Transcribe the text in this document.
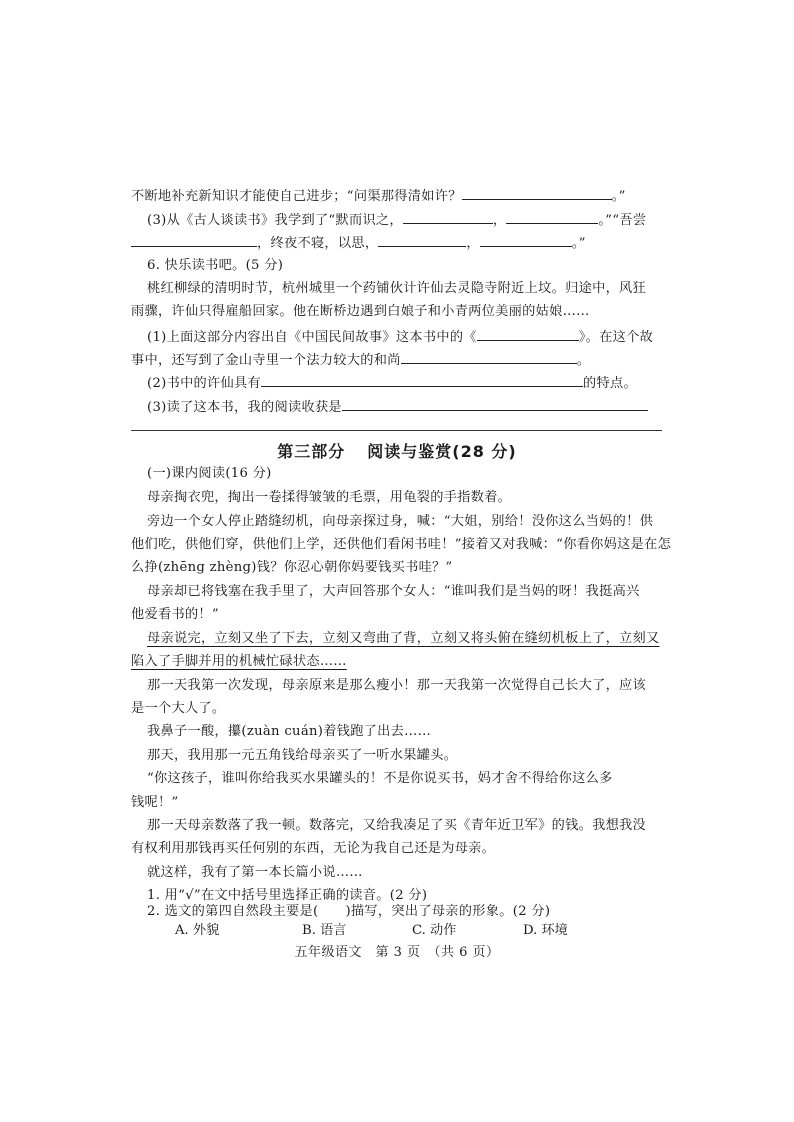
不断地补充新知识才能使自己进步；“问渠那得清如许？	。”
(3)从《古人谈读书》我学到了“默而识之，	，	。”“吾尝
，终夜不寝，以思，	，	。”
6. 快乐读书吧。(5 分)
桃红柳绿的清明时节，杭州城里一个药铺伙计许仙去灵隐寺附近上坟。归途中，风狂
雨骤，许仙只得雇船回家。他在断桥边遇到白娘子和小青两位美丽的姑娘……
(1)上面这部分内容出自《中国民间故事》这本书中的《	》。在这个故
事中，还写到了金山寺里一个法力较大的和尚	。
(2)书中的许仙具有	的特点。
(3)读了这本书，我的阅读收获是
第三部分 阅读与鉴赏(28 分)
(一)课内阅读(16 分)
母亲掏衣兜，掏出一卷揉得皱皱的毛票，用龟裂的手指数着。
旁边一个女人停止踏缝纫机，向母亲探过身，喊：“大姐，别给！没你这么当妈的！供
他们吃，供他们穿，供他们上学，还供他们看闲书哇！”接着又对我喊：“你看你妈这是在怎
么挣(zhēng zhèng)钱？你忍心朝你妈要钱买书哇？”
母亲却已将钱塞在我手里了，大声回答那个女人：“谁叫我们是当妈的呀！我挺高兴
他爱看书的！”
母亲说完，立刻又坐了下去，立刻又弯曲了背，立刻又将头俯在缝纫机板上了，立刻又
陷入了手脚并用的机械忙碌状态……
那一天我第一次发现，母亲原来是那么瘦小！那一天我第一次觉得自己长大了，应该
是一个大人了。
我鼻子一酸，攥(zuàn cuán)着钱跑了出去……
那天，我用那一元五角钱给母亲买了一听水果罐头。
“你这孩子，谁叫你给我买水果罐头的！不是你说买书，妈才舍不得给你这么多
钱呢！”
那一天母亲数落了我一顿。数落完，又给我凑足了买《青年近卫军》的钱。我想我没
有权利用那钱再买任何别的东西，无论为我自己还是为母亲。
就这样，我有了第一本长篇小说……
1. 用“√”在文中括号里选择正确的读音。(2 分)
2. 选文的第四自然段主要是(　　)描写，突出了母亲的形象。(2 分)
A. 外貌	B. 语言	C. 动作	D. 环境
五年级语文　第 3 页　（共 6 页）
